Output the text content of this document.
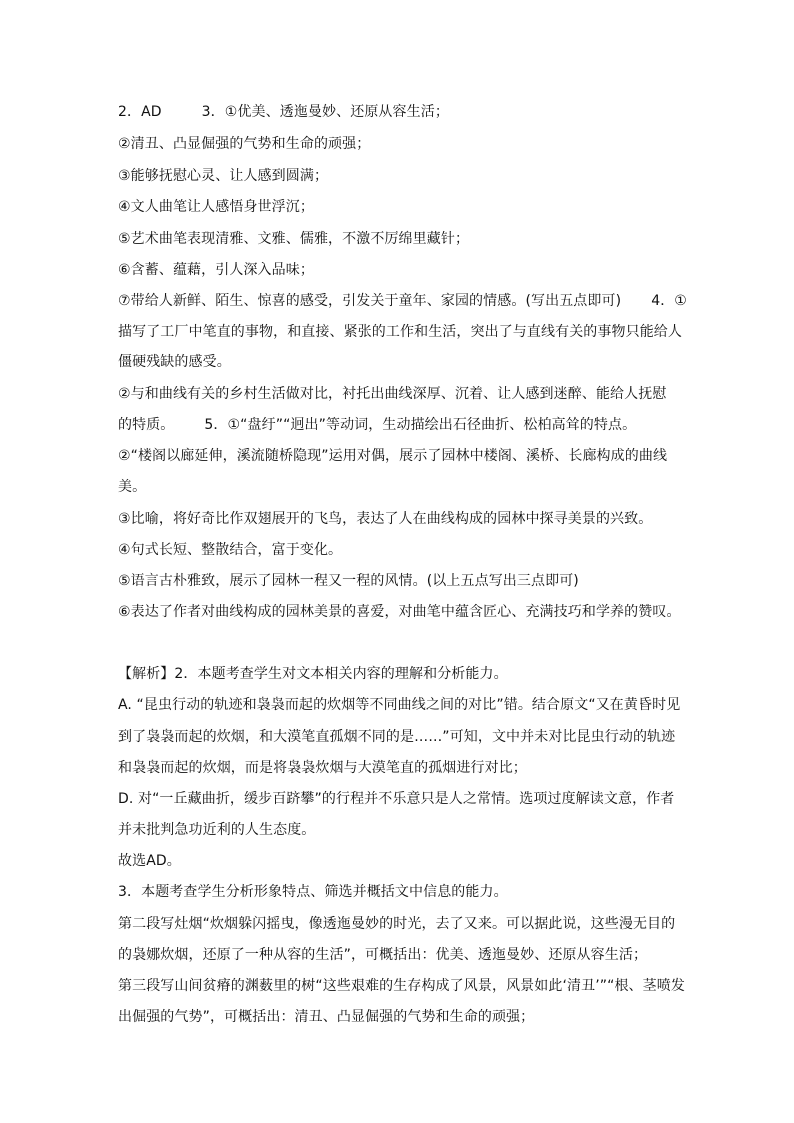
2．AD	3．①优美、透迤曼妙、还原从容生活；
②清丑、凸显倔强的气势和生命的顽强；
③能够抚慰心灵、让人感到圆满；
④文人曲笔让人感悟身世浮沉；
⑤艺术曲笔表现清雅、文雅、儒雅，不激不厉绵里藏针；
⑥含蓄、蕴藉，引人深入品味；
⑦带给人新鲜、陌生、惊喜的感受，引发关于童年、家园的情感。(写出五点即可) 4．①
描写了工厂中笔直的事物，和直接、紧张的工作和生活，突出了与直线有关的事物只能给人
僵硬残缺的感受。
②与和曲线有关的乡村生活做对比，衬托出曲线深厚、沉着、让人感到迷醉、能给人抚慰
的特质。 5．①“盘纡”“迥出”等动词，生动描绘出石径曲折、松柏高耸的特点。
②“楼阁以廊延伸，溪流随桥隐现”运用对偶，展示了园林中楼阁、溪桥、长廊构成的曲线
美。
③比喻，将好奇比作双翅展开的飞鸟，表达了人在曲线构成的园林中探寻美景的兴致。
④句式长短、整散结合，富于变化。
⑤语言古朴雅致，展示了园林一程又一程的风情。(以上五点写出三点即可)
⑥表达了作者对曲线构成的园林美景的喜爱，对曲笔中蕴含匠心、充满技巧和学养的赞叹。
【解析】2．本题考查学生对文本相关内容的理解和分析能力。
A. “昆虫行动的轨迹和袅袅而起的炊烟等不同曲线之间的对比”错。结合原文“又在黄昏时见
到了袅袅而起的炊烟，和大漠笔直孤烟不同的是……”可知，文中并未对比昆虫行动的轨迹
和袅袅而起的炊烟，而是将袅袅炊烟与大漠笔直的孤烟进行对比；
D. 对“一丘藏曲折，缓步百跻攀”的行程并不乐意只是人之常情。选项过度解读文意，作者
并未批判急功近利的人生态度。
故选AD。
3．本题考查学生分析形象特点、筛选并概括文中信息的能力。
第二段写灶烟“炊烟躲闪摇曳，像透迤曼妙的时光，去了又来。可以据此说，这些漫无目的
的袅娜炊烟，还原了一种从容的生活”，可概括出：优美、透迤曼妙、还原从容生活；
第三段写山间贫瘠的渊薮里的树“这些艰难的生存构成了风景，风景如此‘清丑’”“根、茎喷发
出倔强的气势”，可概括出：清丑、凸显倔强的气势和生命的顽强；
